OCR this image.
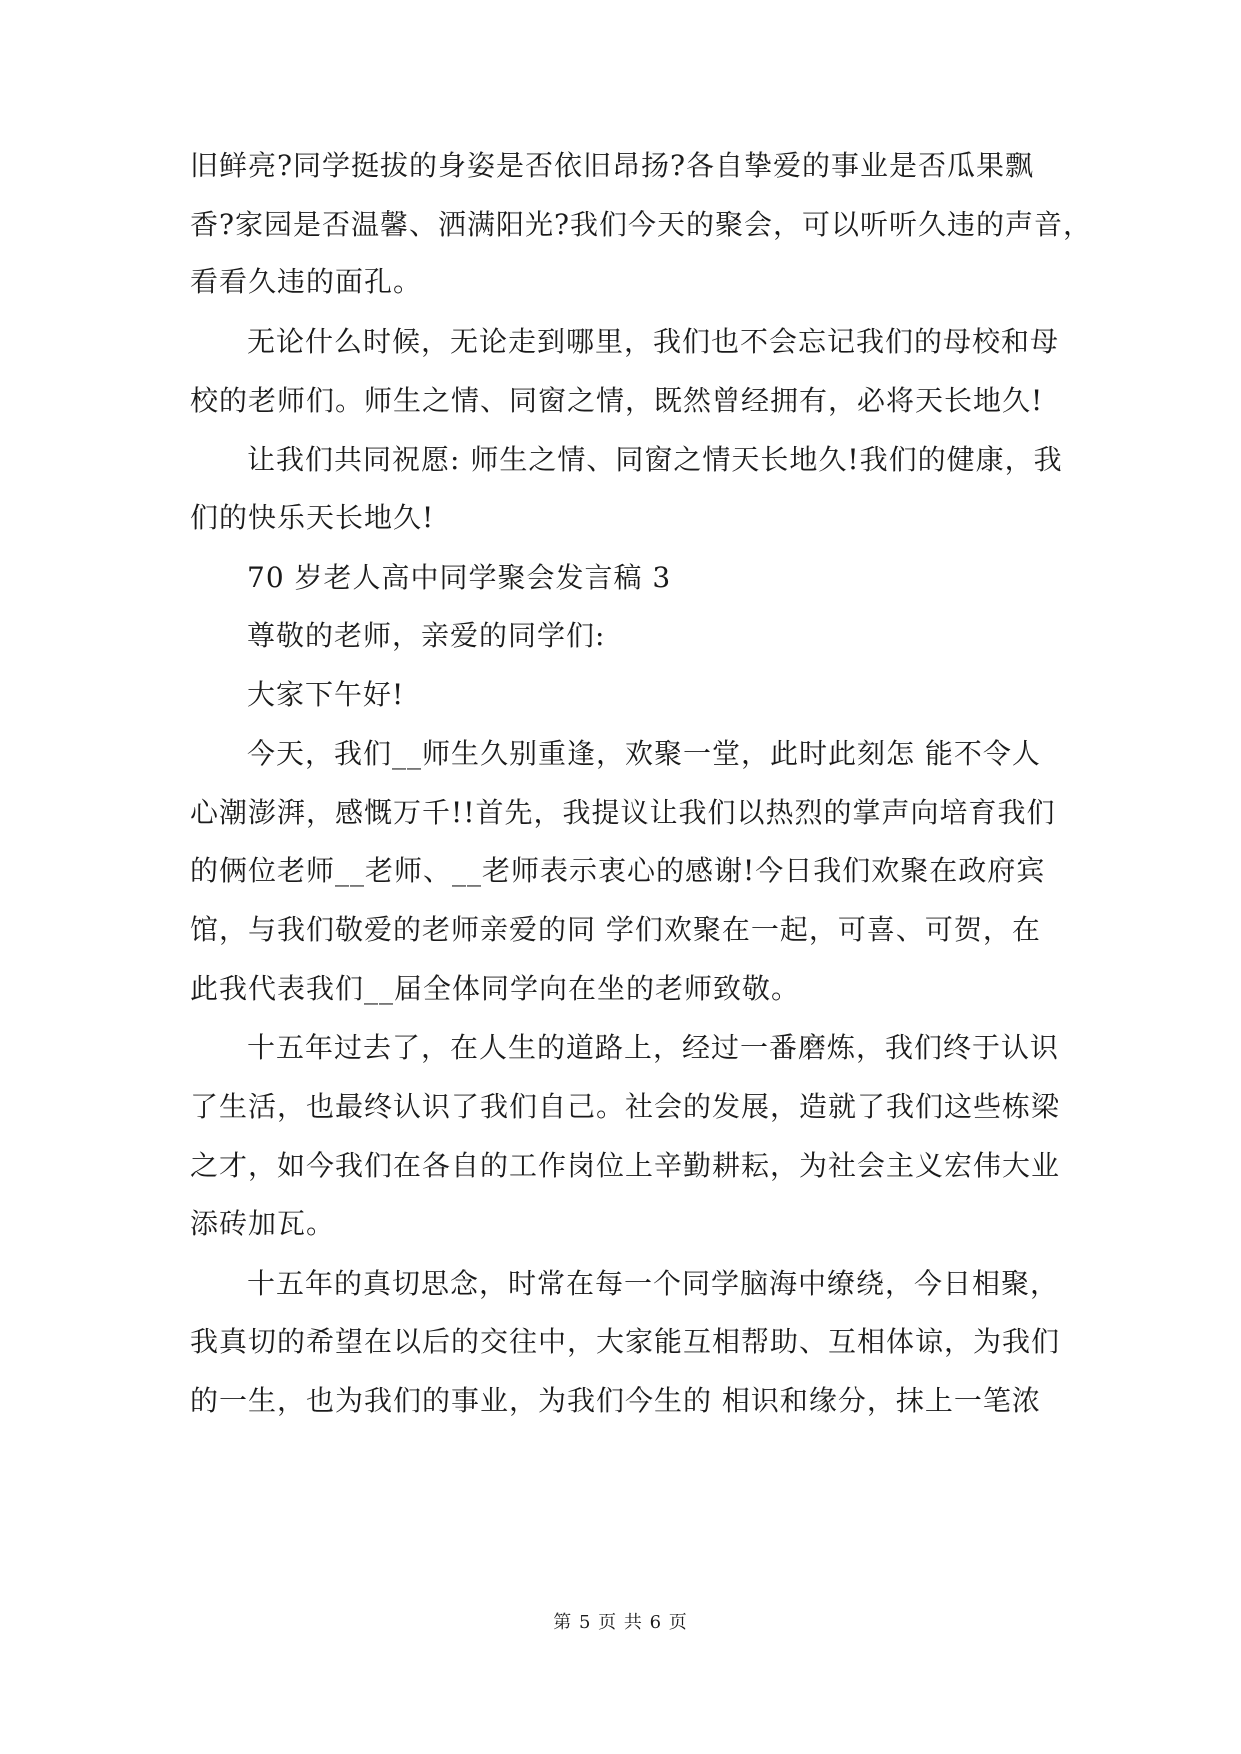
旧鲜亮?同学挺拔的身姿是否依旧昂扬?各自挚爱的事业是否瓜果飘
香?家园是否温馨、洒满阳光?我们今天的聚会，可以听听久违的声音，
看看久违的面孔。
无论什么时候，无论走到哪里，我们也不会忘记我们的母校和母
校的老师们。师生之情、同窗之情，既然曾经拥有，必将天长地久!
让我们共同祝愿: 师生之情、同窗之情天长地久!我们的健康，我
们的快乐天长地久!
70 岁老人高中同学聚会发言稿 3
尊敬的老师，亲爱的同学们:
大家下午好!
今天，我们__师生久别重逢，欢聚一堂，此时此刻怎 能不令人
心潮澎湃，感慨万千!!首先，我提议让我们以热烈的掌声向培育我们
的俩位老师__老师、__老师表示衷心的感谢!今日我们欢聚在政府宾
馆，与我们敬爱的老师亲爱的同 学们欢聚在一起，可喜、可贺，在
此我代表我们__届全体同学向在坐的老师致敬。
十五年过去了，在人生的道路上，经过一番磨炼，我们终于认识
了生活，也最终认识了我们自己。社会的发展，造就了我们这些栋梁
之才，如今我们在各自的工作岗位上辛勤耕耘，为社会主义宏伟大业
添砖加瓦。
十五年的真切思念，时常在每一个同学脑海中缭绕，今日相聚，
我真切的希望在以后的交往中，大家能互相帮助、互相体谅，为我们
的一生，也为我们的事业，为我们今生的 相识和缘分，抹上一笔浓
第 5 页 共 6 页
